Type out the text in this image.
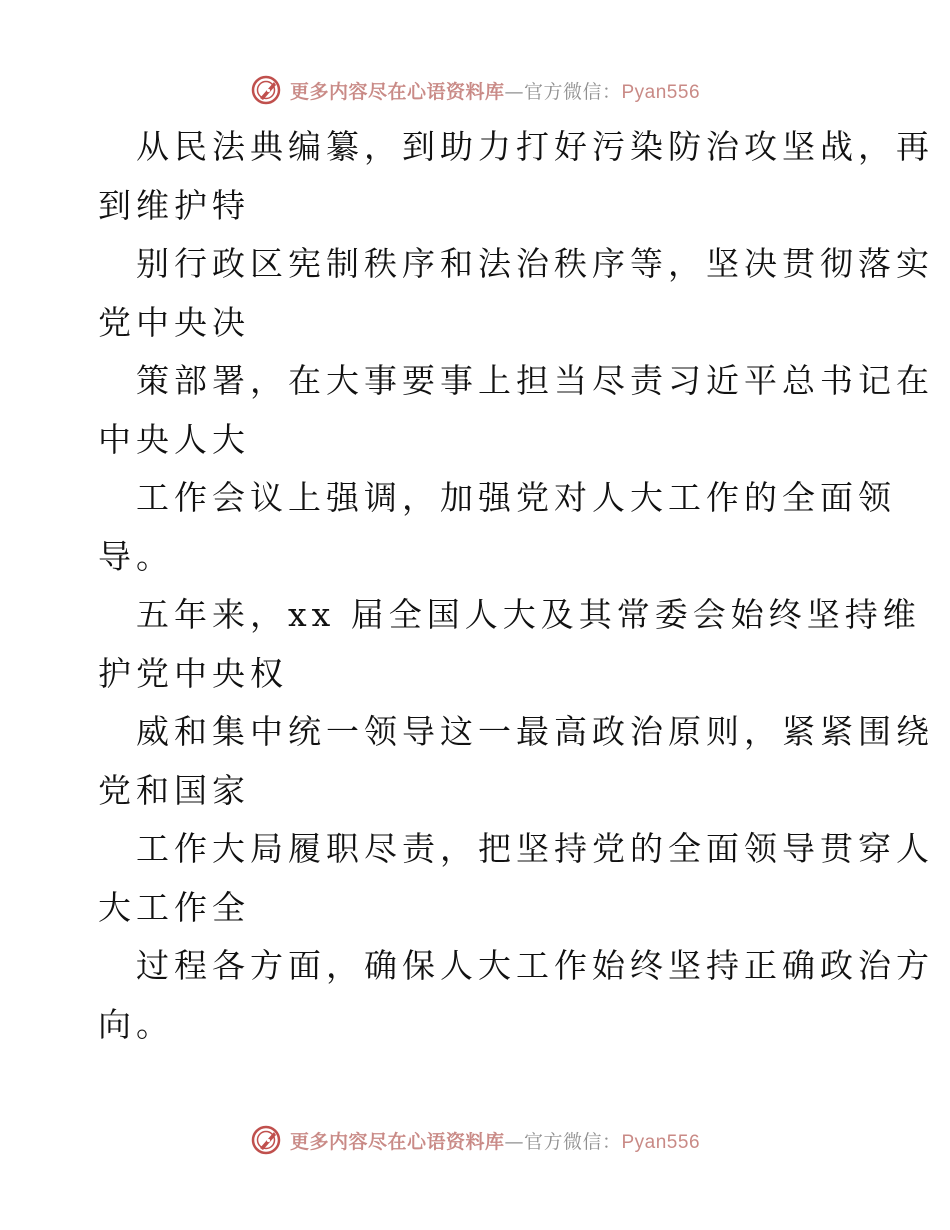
更多内容尽在心语资料库 — 官方微信： Pyan556
从民法典编纂，到助力打好污染防治攻坚战，再
到维护特
别行政区宪制秩序和法治秩序等，坚决贯彻落实
党中央决
策部署，在大事要事上担当尽责习近平总书记在
中央人大
工作会议上强调，加强党对人大工作的全面领
导。
五年来，xx 届全国人大及其常委会始终坚持维
护党中央权
威和集中统一领导这一最高政治原则，紧紧围绕
党和国家
工作大局履职尽责，把坚持党的全面领导贯穿人
大工作全
过程各方面，确保人大工作始终坚持正确政治方
向。
更多内容尽在心语资料库 — 官方微信： Pyan556
